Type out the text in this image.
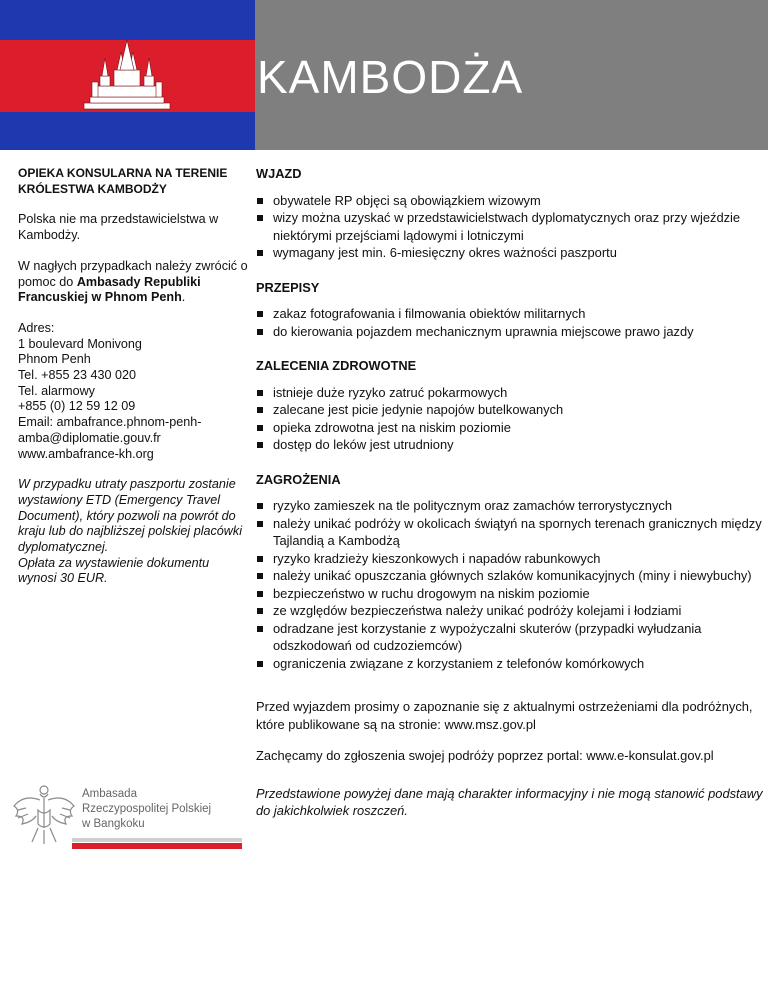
KAMBODŻA

OPIEKA KONSULARNA NA TERENIE KRÓLESTWA KAMBODŻY

Polska nie ma przedstawicielstwa w Kambodży.

W nagłych przypadkach należy zwrócić o pomoc do Ambasady Republiki Francuskiej w Phnom Penh.

Adres:

1 boulevard Monivong

Phnom Penh

Tel. +855 23 430 020

Tel. alarmowy

+855 (0) 12 59 12 09

Email: ambafrance.phnom-penh-amba@diplomatie.gouv.fr

www.ambafrance-kh.org

W przypadku utraty paszportu zostanie wystawiony ETD (Emergency Travel Document), który pozwoli na powrót do kraju lub do najbliższej polskiej placówki dyplomatycznej.

Opłata za wystawienie dokumentu wynosi 30 EUR.

WJAZD
obywatele RP objęci są obowiązkiem wizowym
wizy można uzyskać w przedstawicielstwach dyplomatycznych oraz przy wjeździe niektórymi przejściami lądowymi i lotniczymi
wymagany jest min. 6-miesięczny okres ważności paszportu
PRZEPISY
zakaz fotografowania i filmowania obiektów militarnych
do kierowania pojazdem mechanicznym uprawnia miejscowe prawo jazdy
ZALECENIA ZDROWOTNE
istnieje duże ryzyko zatruć pokarmowych
zalecane jest picie jedynie napojów butelkowanych
opieka zdrowotna jest na niskim poziomie
dostęp do leków jest utrudniony
ZAGROŻENIA
ryzyko zamieszek na tle politycznym oraz zamachów terrorystycznych
należy unikać podróży w okolicach świątyń na spornych terenach granicznych między Tajlandią a Kambodżą
ryzyko kradzieży kieszonkowych i napadów rabunkowych
należy unikać opuszczania głównych szlaków komunikacyjnych (miny i niewybuchy)
bezpieczeństwo w ruchu drogowym na niskim poziomie
ze względów bezpieczeństwa należy unikać podróży kolejami i łodziami
odradzane jest korzystanie z wypożyczalni skuterów (przypadki wyłudzania odszkodowań od cudzoziemców)
ograniczenia związane z korzystaniem z telefonów komórkowych

Przed wyjazdem prosimy o zapoznanie się z aktualnymi ostrzeżeniami dla podróżnych, które publikowane są na stronie: www.msz.gov.pl

Zachęcamy do zgłoszenia swojej podróży poprzez portal: www.e-konsulat.gov.pl

Przedstawione powyżej dane mają charakter informacyjny i nie mogą stanowić podstawy do jakichkolwiek roszczeń.

Ambasada
Rzeczypospolitej Polskiej
w Bangkoku
